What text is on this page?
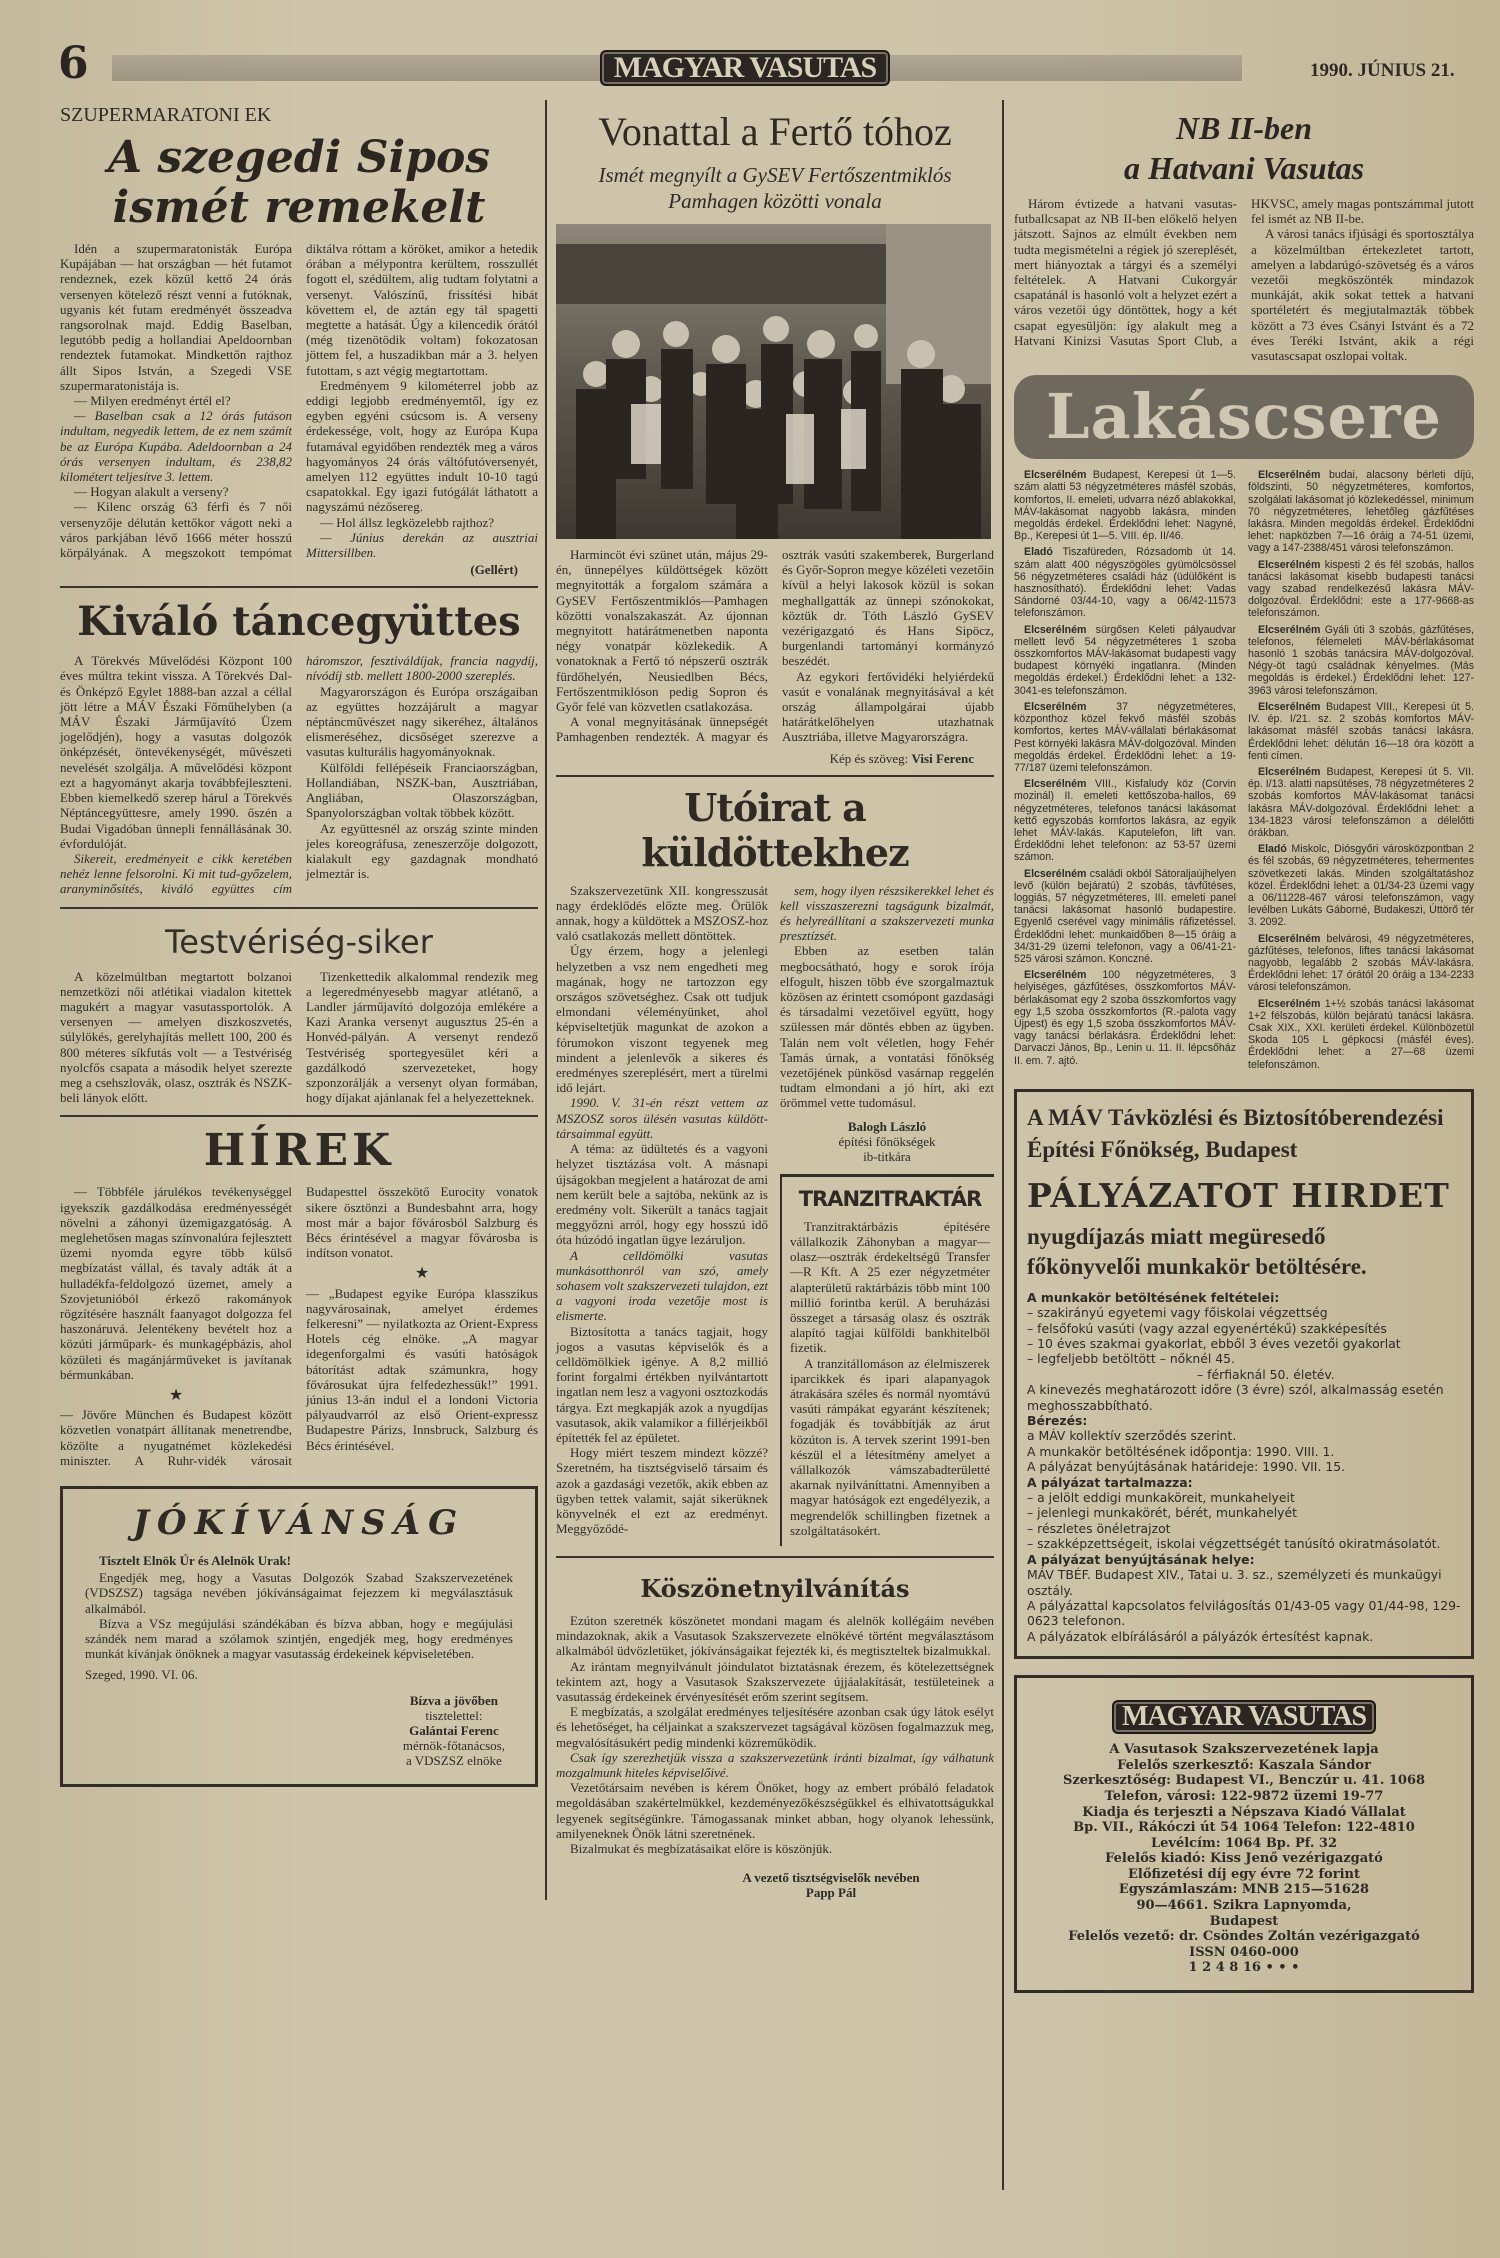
6	MAGYAR VASUTAS	1990. JÚNIUS 21.
SZUPERMARATONI EK
A szegedi Sipos
ismét remekelt

Idén a szupermaratonisták Európa Kupájában — hat országban — hét futamot rendeznek, ezek közül kettő 24 órás versenyen kötelező részt venni a futóknak, ugyanis két futam eredményét összeadva rangsorolnak majd. Eddig Baselban, legutóbb pedig a hollandiai Apeldoornban rendeztek futamokat. Mindkettőn rajthoz állt Sipos István, a Szegedi VSE szupermaratonistája is.

— Milyen eredményt értél el?

— Baselban csak a 12 órás futáson indultam, negyedik lettem, de ez nem számít be az Európa Kupába. Adeldoornban a 24 órás versenyen indultam, és 238,82 kilométert teljesítve 3. lettem.

— Hogyan alakult a verseny?

— Kilenc ország 63 férfi és 7 női versenyzője délután kettőkor vágott neki a város parkjában lévő 1666 méter hosszú körpályának. A megszokott tempómat diktálva róttam a köröket, amikor a hetedik órában a mélypontra kerültem, rosszullét fogott el, szédültem, alig tudtam folytatni a versenyt. Valószínű, frissítési hibát követtem el, de aztán egy tál spagetti megtette a hatását. Úgy a kilencedik órától (még tizenötödik voltam) fokozatosan jöttem fel, a huszadikban már a 3. helyen futottam, s azt végig megtartottam.

Eredményem 9 kilométerrel jobb az eddigi legjobb eredményemtől, így ez egyben egyéni csúcsom is. A verseny érdekessége, volt, hogy az Európa Kupa futamával egyidőben rendezték meg a város hagyományos 24 órás váltófutóversenyét, amelyen 112 együttes indult 10-10 tagú csapatokkal. Egy igazi futógálát láthatott a nagyszámú nézősereg.

— Hol állsz legközelebb rajthoz?

— Június derekán az ausztriai Mittersillben.

(Gellért)
Kiváló táncegyüttes

A Törekvés Művelődési Központ 100 éves múltra tekint vissza. A Törekvés Dal- és Önképző Egylet 1888-ban azzal a céllal jött létre a MÁV Északi Főműhelyben (a MÁV Északi Járműjavító Üzem jogelődjén), hogy a vasutas dolgozók önképzését, öntevékenységét, művészeti nevelését szolgálja. A művelődési központ ezt a hagyományt akarja továbbfejleszteni. Ebben kiemelkedő szerep hárul a Törekvés Néptáncegyüttesre, amely 1990. őszén a Budai Vigadóban ünnepli fennállásának 30. évfordulóját.

Sikereit, eredményeit e cikk keretében nehéz lenne felsorolni. Ki mit tud-győzelem, aranyminősítés, kiváló együttes cím háromszor, fesztiváldíjak, francia nagydíj, nívódíj stb. mellett 1800-2000 szereplés.

Magyarországon és Európa országaiban az együttes hozzájárult a magyar néptáncművészet nagy sikeréhez, általános elismeréséhez, dicsőséget szerezve a vasutas kulturális hagyományoknak.

Külföldi fellépéseik Franciaországban, Hollandiában, NSZK-ban, Ausztriában, Angliában, Olaszországban, Spanyolországban voltak többek között.

Az együttesnél az ország szinte minden jeles koreográfusa, zeneszerzője dolgozott, kialakult egy gazdagnak mondható jelmeztár is.

Testvériség-siker

A közelmúltban megtartott bolzanoi nemzetközi női atlétikai viadalon kitettek magukért a magyar vasutassportolók. A versenyen — amelyen diszkoszvetés, súlylökés, gerelyhajítás mellett 100, 200 és 800 méteres síkfutás volt — a Testvériség nyolcfős csapata a második helyet szerezte meg a csehszlovák, olasz, osztrák és NSZK-beli lányok előtt.

Tizenkettedik alkalommal rendezik meg a legeredményesebb magyar atlétanő, a Landler járműjavító dolgozója emlékére a Kazi Aranka versenyt augusztus 25-én a Honvéd-pályán. A versenyt rendező Testvériség sportegyesület kéri a gazdálkodó szervezeteket, hogy szponzorálják a versenyt olyan formában, hogy díjakat ajánlanak fel a helyezetteknek.

HÍREK

— Többféle járulékos tevékenységgel igyekszik gazdálkodása eredményességét növelni a záhonyi üzemigazgatóság. A meglehetősen magas színvonalúra fejlesztett üzemi nyomda egyre több külső megbízatást vállal, és tavaly adták át a hulladékfa-feldolgozó üzemet, amely a Szovjetunióból érkező rakományok rögzítésére használt faanyagot dolgozza fel haszonáruvá. Jelentékeny bevételt hoz a közúti járműpark- és munkagépbázis, ahol közületi és magánjárműveket is javítanak bérmunkában.

★ — Jövőre München és Budapest között közvetlen vonatpárt állítanak menetrendbe, közölte a nyugatnémet közlekedési miniszter. A Ruhr-vidék városait Budapesttel összekötő Eurocity vonatok sikere ösztönzi a Bundesbahnt arra, hogy most már a bajor fővárosból Salzburg és Bécs érintésével a magyar fővárosba is indítson vonatot.

★ — „Budapest egyike Európa klasszikus nagyvárosainak, amelyet érdemes felkeresni” — nyilatkozta az Orient-Express Hotels cég elnöke. „A magyar idegenforgalmi és vasúti hatóságok bátorítást adtak számunkra, hogy fővárosukat újra felfedezhessük!” 1991. június 13-án indul el a londoni Victoria pályaudvarról az első Orient-expressz Budapestre Párizs, Innsbruck, Salzburg és Bécs érintésével.

JÓKÍVÁNSÁG

Tisztelt Elnök Úr és Alelnök Urak!

Engedjék meg, hogy a Vasutas Dolgozók Szabad Szakszervezetének (VDSZSZ) tagsága nevében jókívánságaimat fejezzem ki megválasztásuk alkalmából.

Bízva a VSz megújulási szándékában és bízva abban, hogy e megújulási szándék nem marad a szólamok szintjén, engedjék meg, hogy eredményes munkát kívánjak önöknek a magyar vasutasság érdekeinek képviseletében.

Szeged, 1990. VI. 06.

Bízva a jövőben
tisztelettel:
Galántai Ferenc
mérnök-főtanácsos,
a VDSZSZ elnöke
Vonattal a Fertő tóhoz
Ismét megnyílt a GySEV Fertőszentmiklós
Pamhagen közötti vonala

Harmincöt évi szünet után, május 29-én, ünnepélyes küldöttségek között megnyitották a forgalom számára a GySEV Fertőszentmiklós—Pamhagen közötti vonalszakaszát. Az újonnan megnyitott határátmenetben naponta négy vonatpár közlekedik. A vonatoknak a Fertő tó népszerű osztrák fürdőhelyén, Neusiedlben Bécs, Fertőszentmiklóson pedig Sopron és Győr felé van közvetlen csatlakozása.

A vonal megnyitásának ünnepségét Pamhagenben rendezték. A magyar és osztrák vasúti szakemberek, Burgerland és Győr-Sopron megye közéleti vezetőin kívül a helyi lakosok közül is sokan meghallgatták az ünnepi szónokokat, köztük dr. Tóth László GySEV vezérigazgató és Hans Sipöcz, burgenlandi tartományi kormányzó beszédét.

Az egykori fertővidéki helyiérdekű vasút e vonalának megnyitásával a két ország állampolgárai újabb határátkelőhelyen utazhatnak Ausztriába, illetve Magyarországra.

Kép és szöveg: Visi Ferenc
Utóirat a küldöttekhez

Szakszervezetünk XII. kongresszusát nagy érdeklődés előzte meg. Örülök annak, hogy a küldöttek a MSZOSZ-hoz való csatlakozás mellett döntöttek.

Úgy érzem, hogy a jelenlegi helyzetben a vsz nem engedheti meg magának, hogy ne tartozzon egy országos szövetséghez. Csak ott tudjuk elmondani véleményünket, ahol képviseltetjük magunkat de azokon a fórumokon viszont tegyenek meg mindent a jelenlevők a sikeres és eredményes szereplésért, mert a türelmi idő lejárt.

1990. V. 31-én részt vettem az MSZOSZ soros ülésén vasutas küldött-társaimmal együtt.

A téma: az üdültetés és a vagyoni helyzet tisztázása volt. A másnapi újságokban megjelent a határozat de ami nem került bele a sajtóba, nekünk az is eredmény volt. Sikerült a tanács tagjait meggyőzni arról, hogy egy hosszú idő óta húzódó ingatlan ügye lezáruljon.

A celldömölki vasutas munkásotthonról van szó, amely sohasem volt szakszervezeti tulajdon, ezt a vagyoni iroda vezetője most is elismerte.

Biztosította a tanács tagjait, hogy jogos a vasutas képviselők és a celldömölkiek igénye. A 8,2 millió forint forgalmi értékben nyilvántartott ingatlan nem lesz a vagyoni osztozkodás tárgya. Ezt megkapják azok a nyugdíjas vasutasok, akik valamikor a fillérjeikből építették fel az épületet.

Hogy miért teszem mindezt közzé? Szeretném, ha tisztségviselő társaim és azok a gazdasági vezetők, akik ebben az ügyben tettek valamit, saját sikerüknek könyvelnék el ezt az eredményt. Meggyőződé-

sem, hogy ilyen részsikerekkel lehet és kell visszaszerezni tagságunk bizalmát, és helyreállítani a szakszervezeti munka presztízsét.

Ebben az esetben talán megbocsátható, hogy e sorok írója elfogult, hiszen több éve szorgalmaztuk közösen az érintett csomópont gazdasági és társadalmi vezetőivel együtt, hogy szülessen már döntés ebben az ügyben. Talán nem volt véletlen, hogy Fehér Tamás úrnak, a vontatási főnökség vezetőjének pünkösd vasárnap reggelén tudtam elmondani a jó hírt, aki ezt örömmel vette tudomásul.

Balogh László
építési főnökségek
ib-titkára
TRANZITRAKTÁR

Tranzitraktárbázis építésére vállalkozik Záhonyban a magyar—olasz—osztrák érdekeltségű Transfer—R Kft. A 25 ezer négyzetméter alapterületű raktárbázis több mint 100 millió forintba kerül. A beruházási összeget a társaság olasz és osztrák alapító tagjai külföldi bankhitelből fizetik.

A tranzitállomáson az élelmiszerek iparcikkek és ipari alapanyagok átrakására széles és normál nyomtávú vasúti rámpákat egyaránt készítenek; fogadják és továbbítják az árut közúton is. A tervek szerint 1991-ben készül el a létesítmény amelyet a vállalkozók vámszabadterületté akarnak nyilváníttatni. Amennyiben a magyar hatóságok ezt engedélyezik, a megrendelők schillingben fizetnek a szolgáltatásokért.

Köszönetnyilvánítás

Ezúton szeretnék köszönetet mondani magam és alelnök kollégáim nevében mindazoknak, akik a Vasutasok Szakszervezete elnökévé történt megválasztásom alkalmából üdvözletüket, jókívánságaikat fejezték ki, és megtiszteltek bizalmukkal.

Az irántam megnyilvánult jóindulatot biztatásnak érezem, és kötelezettségnek tekintem azt, hogy a Vasutasok Szakszervezete újjáalakítását, testületeinek a vasutasság érdekeinek érvényesítését erőm szerint segítsem.

E megbízatás, a szolgálat eredményes teljesítésére azonban csak úgy látok esélyt és lehetőséget, ha céljainkat a szakszervezet tagságával közösen fogalmazzuk meg, megvalósításukért pedig mindenki közreműködik.

Csak így szerezhetjük vissza a szakszervezetünk iránti bizalmat, így válhatunk mozgalmunk hiteles képviselőivé.

Vezetőtársaim nevében is kérem Önöket, hogy az embert próbáló feladatok megoldásában szakértelmükkel, kezdeményezőkészségükkel és elhivatottságukkal legyenek segítségünkre. Támogassanak minket abban, hogy olyanok lehessünk, amilyeneknek Önök látni szeretnének.

Bizalmukat és megbízatásaikat előre is köszönjük.

A vezető tisztségviselők nevében
Papp Pál
NB II-ben
a Hatvani Vasutas

Három évtizede a hatvani vasutas-futballcsapat az NB II-ben előkelő helyen játszott. Sajnos az elmúlt években nem tudta megismételni a régiek jó szereplését, mert hiányoztak a tárgyi és a személyi feltételek. A Hatvani Cukorgyár csapatánál is hasonló volt a helyzet ezért a város vezetői úgy döntöttek, hogy a két csapat egyesüljön: így alakult meg a Hatvani Kinizsi Vasutas Sport Club, a HKVSC, amely magas pontszámmal jutott fel ismét az NB II-be.

A városi tanács ifjúsági és sportosztálya a közelmúltban értekezletet tartott, amelyen a labdarúgó-szövetség és a város vezetői megköszönték mindazok munkáját, akik sokat tettek a hatvani sportéletért és megjutalmazták többek között a 73 éves Csányi Istvánt és a 72 éves Teréki Istvánt, akik a régi vasutascsapat oszlopai voltak.

Lakáscsere

Elcserélném Budapest, Kerepesi út 1—5. szám alatti 53 négyzetméteres másfél szobás, komfortos, II. emeleti, udvarra néző ablakokkal, MÁV-lakásomat nagyobb lakásra, minden megoldás érdekel. Érdeklődni lehet: Nagyné, Bp., Kerepesi út 1—5. VIII. ép. II/46.

Eladó Tiszafüreden, Rózsadomb út 14. szám alatt 400 négyszögöles gyümölcsössel 56 négyzetméteres családi ház (üdülőként is hasznosítható). Érdeklődni lehet: Vadas Sándorné 03/44-10, vagy a 06/42-11573 telefonszámon.

Elcserélném sürgősen Keleti pályaudvar mellett levő 54 négyzetméteres 1 szoba összkomfortos MÁV-lakásomat budapesti vagy budapest környéki ingatlanra. (Minden megoldás érdekel.) Érdeklődni lehet: a 132-3041-es telefonszámon.

Elcserélném	37 négyzetméteres, központhoz közel fekvő másfél szobás komfortos, kertes MÁV-vállalati bérlakásomat Pest környéki lakásra MÁV-dolgozóval. Minden megoldás érdekel. Érdeklődni lehet: a 19-77/187 üzemi telefonszámon.

Elcserélném VIII., Kisfaludy köz (Corvin mozinál) II. emeleti kettőszoba-hallos, 69 négyzetméteres, telefonos tanácsi lakásomat kettő egyszobás komfortos lakásra, az egyik lehet MÁV-lakás. Kaputelefon, lift van. Érdeklődni lehet telefonon: az 53-57 üzemi számon.

Elcserélném családi okból Sátoraljaújhelyen levő (külön bejáratú) 2 szobás, távfűtéses, loggiás, 57 négyzetméteres, III. emeleti panel tanácsi lakásomat hasonló budapestire. Egyenlő cserével vagy minimális ráfizetéssel. Érdeklődni lehet: munkaidőben 8—15 óráig a 34/31-29 üzemi telefonon, vagy a 06/41-21-525 városi számon. Konczné.

Elcserélném 100 négyzetméteres, 3 helyiséges, gázfűtéses, összkomfortos MÁV-bérlakásomat egy 2 szoba összkomfortos vagy egy 1,5 szoba összkomfortos (R.-palota vagy Újpest) és egy 1,5 szoba összkomfortos MÁV- vagy tanácsi bérlakásra. Érdeklődni lehet: Darvaczi János, Bp., Lenin u. 11. II. lépcsőház II. em. 7. ajtó.

Elcserélném budai, alacsony bérleti díjú, földszinti, 50 négyzetméteres, komfortos, szolgálati lakásomat jó közlekedéssel, minimum 70 négyzetméteres, lehetőleg gázfűtéses lakásra. Minden megoldás érdekel. Érdeklődni lehet: napközben 7—16 óráig a 74-51 üzemi, vagy a 147-2388/451 városi telefonszámon.

Elcserélném kispesti 2 és fél szobás, hallos tanácsi lakásomat kisebb budapesti tanácsi vagy szabad rendelkezésű lakásra MÁV-dolgozóval. Érdeklődni: este a 177-9668-as telefonszámon.

Elcserélném Gyáli úti 3 szobás, gázfűtéses, telefonos, félemeleti MÁV-bérlakásomat hasonló 1 szobás tanácsira MÁV-dolgozóval. Négy-öt tagú családnak kényelmes. (Más megoldás is érdekel.) Érdeklődni lehet: 127-3963 városi telefonszámon.

Elcserélném Budapest VIII., Kerepesi út 5. IV. ép. I/21. sz. 2 szobás komfortos MÁV-lakásomat másfél szobás tanácsi lakásra. Érdeklődni lehet: délután 16—18 óra között a fenti címen.

Elcserélném Budapest, Kerepesi út 5. VII. ép. I/13. alatti napsütéses, 78 négyzetméteres 2 szobás komfortos MÁV-lakásomat tanácsi lakásra MÁV-dolgozóval. Érdeklődni lehet: a 134-1823 városi telefonszámon a délelőtti órákban.

Eladó Miskolc, Diósgyőri városközpontban 2 és fél szobás, 69 négyzetméteres, tehermentes szövetkezeti lakás. Minden szolgáltatáshoz közel. Érdeklődni lehet: a 01/34-23 üzemi vagy a 06/11228-467 városi telefonszámon, vagy levélben Lukáts Gáborné, Budakeszi, Úttörő tér 3. 2092.

Elcserélném belvárosi, 49 négyzetméteres, gázfűtéses, telefonos, liftes tanácsi lakásomat nagyobb, legalább 2 szobás MÁV-lakásra. Érdeklődni lehet: 17 órától 20 óráig a 134-2233 városi telefonszámon.

Elcserélném 1+½ szobás tanácsi lakásomat 1+2 félszobás, külön bejáratú tanácsi lakásra. Csak XIX., XXI. kerületi érdekel. Különbözetül Skoda 105 L gépkocsi (másfél éves). Érdeklődni lehet: a 27—68 üzemi telefonszámon.

A MÁV Távközlési és Biztosítóberendezési
Építési Főnökség, Budapest
PÁLYÁZATOT HIRDET
nyugdíjazás miatt megüresedő
főkönyvelői munkakör betöltésére.

A munkakör betöltésének feltételei:

– szakirányú egyetemi vagy főiskolai végzettség

– felsőfokú vasúti (vagy azzal egyenértékű) szakképesítés

– 10 éves szakmai gyakorlat, ebből 3 éves vezetői gyakorlat

– legfeljebb betöltött – nőknél 45.

– férfiaknál 50. életév.

A kinevezés meghatározott időre (3 évre) szól, alkalmasság esetén meghosszabbítható.

Bérezés:

a MÁV kollektív szerződés szerint.

A munkakör betöltésének időpontja: 1990. VIII. 1.

A pályázat benyújtásának határideje: 1990. VII. 15.

A pályázat tartalmazza:

– a jelölt eddigi munkaköreit, munkahelyeit

– jelenlegi munkakörét, bérét, munkahelyét

– részletes önéletrajzot

– szakképzettségeit, iskolai végzettségét tanúsító okiratmásolatót.

A pályázat benyújtásának helye:

MÁV TBÉF. Budapest XIV., Tatai u. 3. sz., személyzeti és munkaügyi osztály.

A pályázattal kapcsolatos felvilágosítás 01/43-05 vagy 01/44-98, 129-0623 telefonon.

A pályázatok elbírálásáról a pályázók értesítést kapnak.

MAGYAR VASUTAS

A Vasutasok Szakszervezetének lapja

Felelős szerkesztő: Kaszala Sándor

Szerkesztőség: Budapest VI., Benczúr u. 41. 1068

Telefon, városi: 122-9872 üzemi 19-77

Kiadja és terjeszti a Népszava Kiadó Vállalat

Bp. VII., Rákóczi út 54 1064 Telefon: 122-4810

Levélcím: 1064 Bp. Pf. 32

Felelős kiadó: Kiss Jenő vezérigazgató

Előfizetési díj egy évre 72 forint

Egyszámlaszám: MNB 215—51628

90—4661. Szikra Lapnyomda,

Budapest

Felelős vezető: dr. Csöndes Zoltán vezérigazgató

ISSN 0460-000

1 2 4 8 16 • • •
